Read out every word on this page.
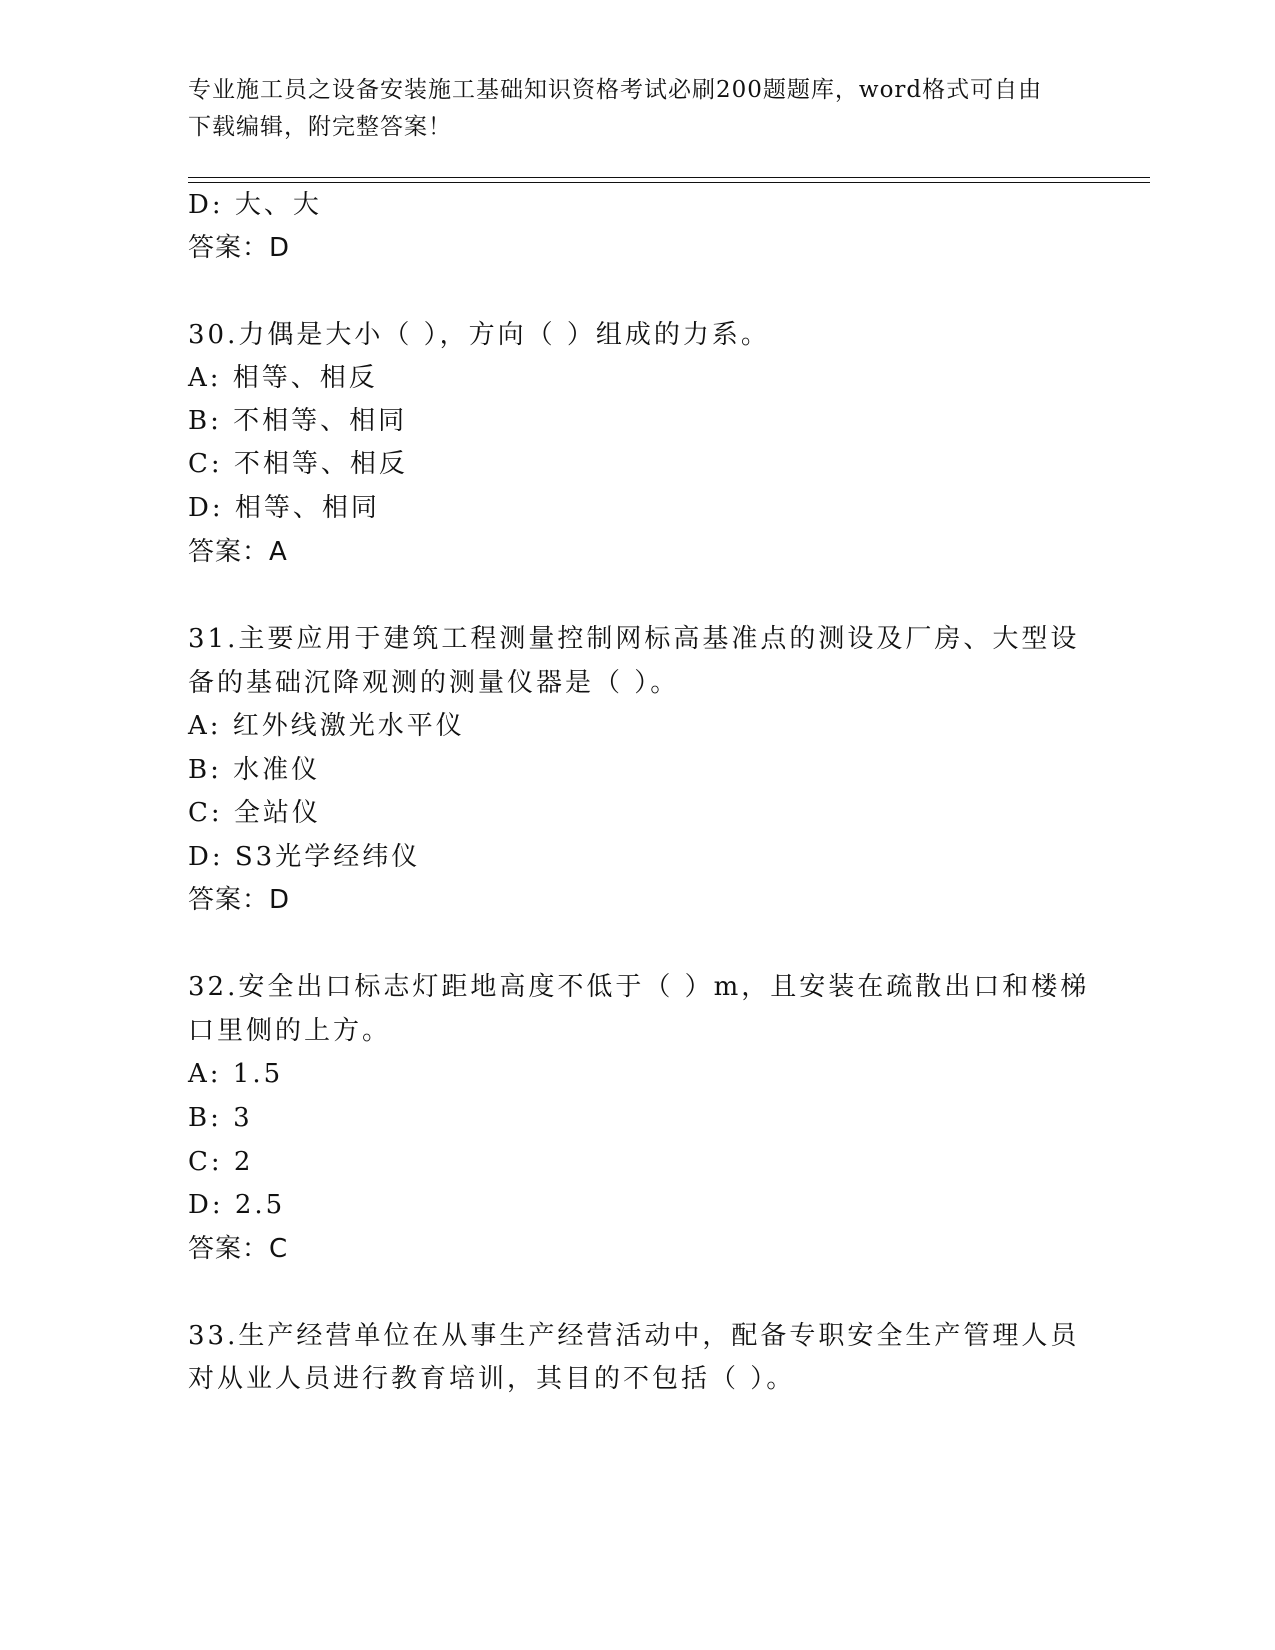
专业施工员之设备安装施工基础知识资格考试必刷200题题库，word格式可自由
下载编辑，附完整答案！
D: 大、大
答案：D
30.力偶是大小（ ），方向（ ）组成的力系。
A: 相等、相反
B: 不相等、相同
C: 不相等、相反
D: 相等、相同
答案：A
31.主要应用于建筑工程测量控制网标高基准点的测设及厂房、大型设
备的基础沉降观测的测量仪器是（ ）。
A: 红外线激光水平仪
B: 水准仪
C: 全站仪
D: S3光学经纬仪
答案：D
32.安全出口标志灯距地高度不低于（ ）m，且安装在疏散出口和楼梯
口里侧的上方。
A: 1.5
B: 3
C: 2
D: 2.5
答案：C
33.生产经营单位在从事生产经营活动中，配备专职安全生产管理人员
对从业人员进行教育培训，其目的不包括（ ）。
